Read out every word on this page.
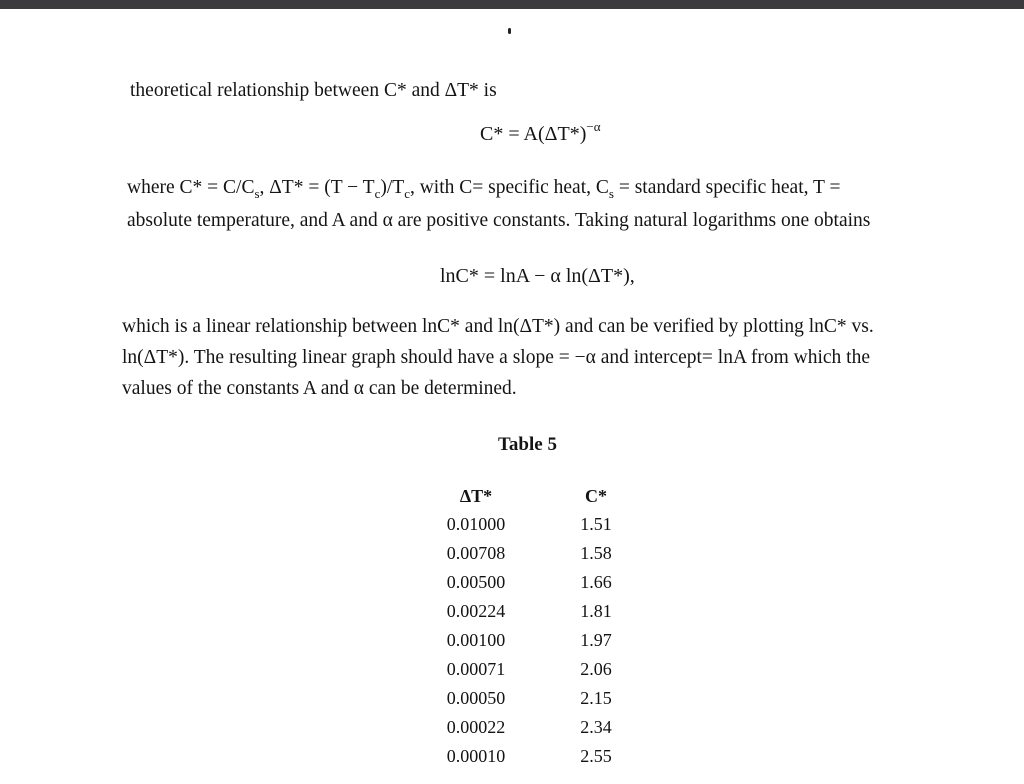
theoretical relationship between C* and ΔT* is
$C* = A(\Delta T*)^{-\alpha}$
where $C* = C/C_s$, $\Delta T* = (T - T_c)/T_c$, with C= specific heat, $C_s$ = standard specific heat, T =
absolute temperature, and A and α are positive constants. Taking natural logarithms one obtains
lnC* = lnA − α ln(ΔT*),
which is a linear relationship between lnC* and ln(ΔT*) and can be verified by plotting lnC* vs.
ln(ΔT*). The resulting linear graph should have a slope = −α and intercept= lnA from which the
values of the constants A and α can be determined.
Table 5
ΔT*	C*
0.01000	1.51
0.00708	1.58
0.00500	1.66
0.00224	1.81
0.00100	1.97
0.00071	2.06
0.00050	2.15
0.00022	2.34
0.00010	2.55
